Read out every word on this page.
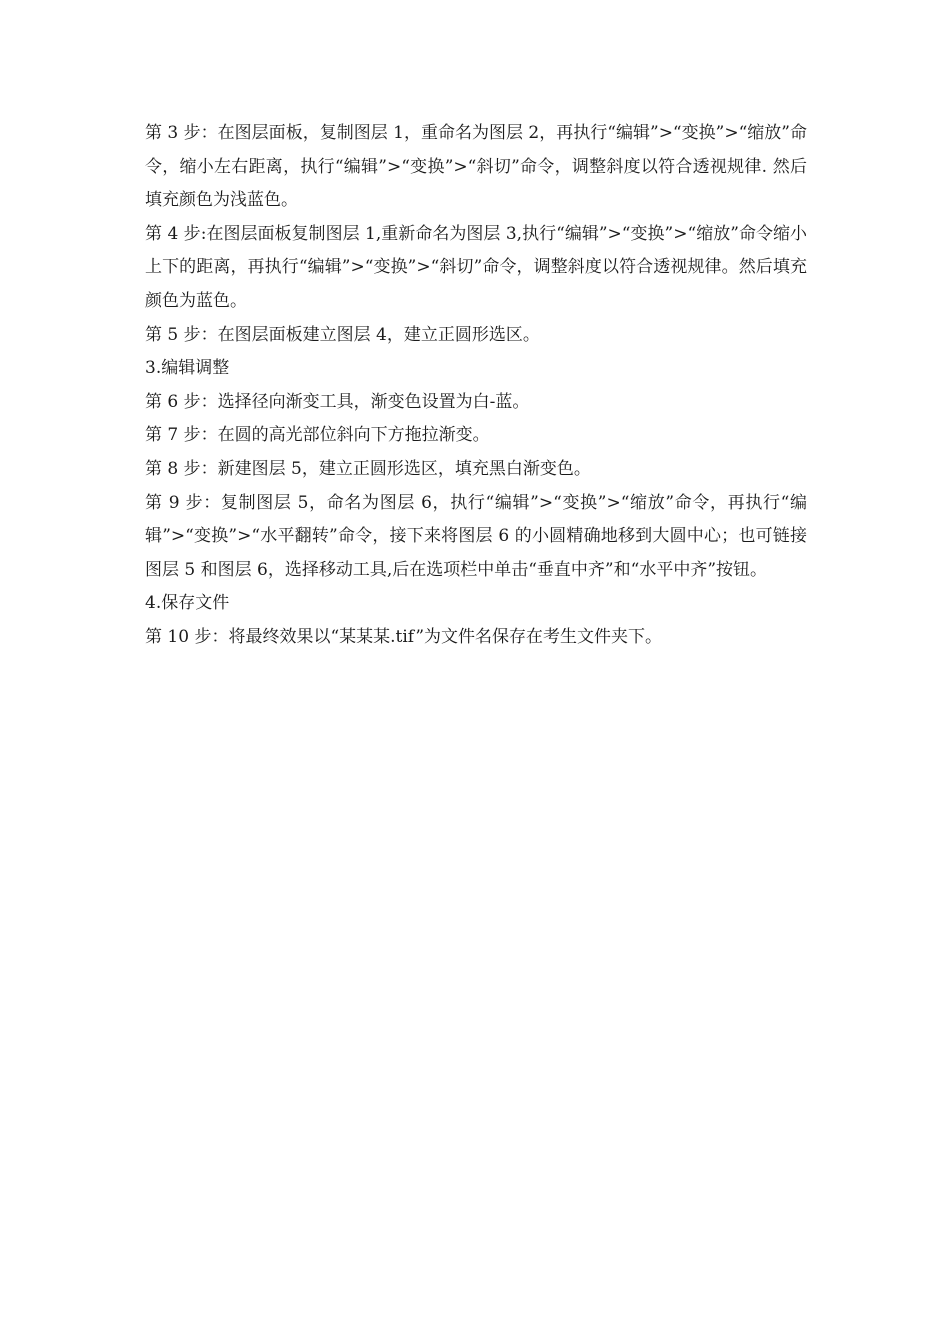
第 3 步：在图层面板，复制图层 1，重命名为图层 2，再执行“编辑”>“变换”>“缩放”命令，缩小左右距离，执行“编辑”>“变换”>“斜切”命令，调整斜度以符合透视规律. 然后填充颜色为浅蓝色。

第 4 步:在图层面板复制图层 1,重新命名为图层 3,执行“编辑”>“变换”>“缩放”命令缩小上下的距离，再执行“编辑”>“变换”>“斜切”命令，调整斜度以符合透视规律。然后填充颜色为蓝色。

第 5 步：在图层面板建立图层 4，建立正圆形选区。

3.编辑调整

第 6 步：选择径向渐变工具，渐变色设置为白-蓝。

第 7 步：在圆的高光部位斜向下方拖拉渐变。

第 8 步：新建图层 5，建立正圆形选区，填充黑白渐变色。

第 9 步：复制图层 5，命名为图层 6，执行“编辑”>“变换”>“缩放”命令，再执行“编辑”>“变换”>“水平翻转”命令，接下来将图层 6 的小圆精确地移到大圆中心；也可链接图层 5 和图层 6，选择移动工具,后在选项栏中单击“垂直中齐”和“水平中齐”按钮。

4.保存文件

第 10 步：将最终效果以“某某某.tif”为文件名保存在考生文件夹下。
